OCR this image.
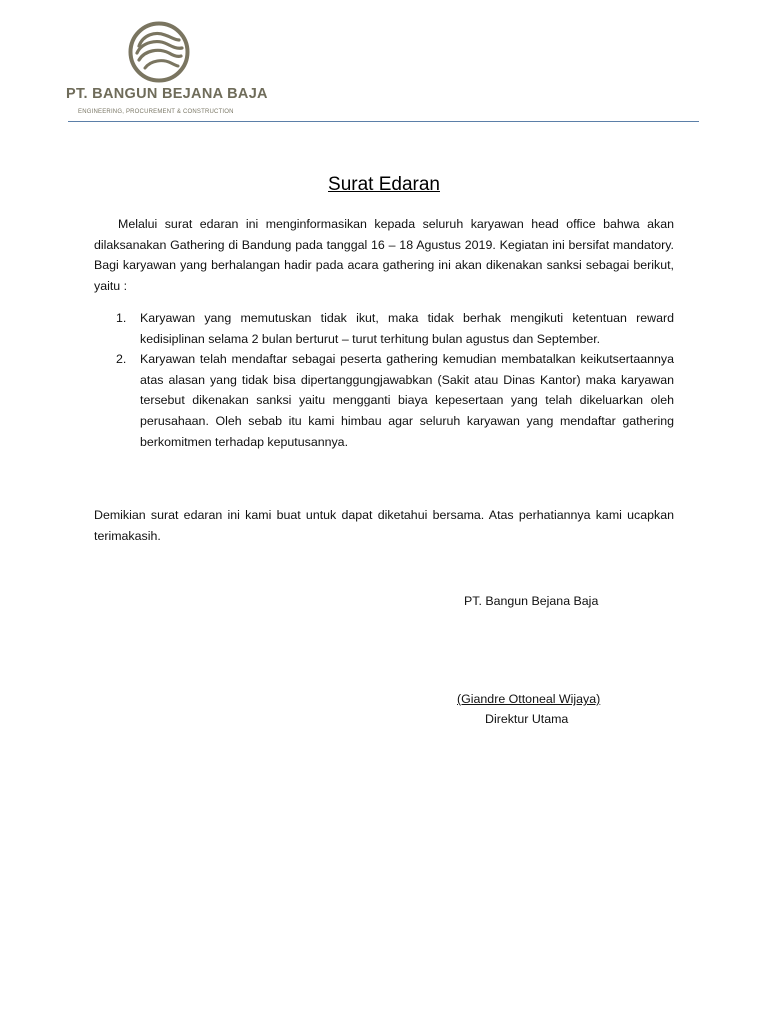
PT. BANGUN BEJANA BAJA
ENGINEERING, PROCUREMENT & CONSTRUCTION
Surat Edaran

Melalui surat edaran ini menginformasikan kepada seluruh karyawan head office bahwa akan dilaksanakan Gathering di Bandung pada tanggal 16 – 18 Agustus 2019. Kegiatan ini bersifat mandatory. Bagi karyawan yang berhalangan hadir pada acara gathering ini akan dikenakan sanksi sebagai berikut, yaitu :

1. Karyawan yang memutuskan tidak ikut, maka tidak berhak mengikuti ketentuan reward kedisiplinan selama 2 bulan berturut – turut terhitung bulan agustus dan September.
2. Karyawan telah mendaftar sebagai peserta gathering kemudian membatalkan keikutsertaannya atas alasan yang tidak bisa dipertanggungjawabkan (Sakit atau Dinas Kantor) maka karyawan tersebut dikenakan sanksi yaitu mengganti biaya kepesertaan yang telah dikeluarkan oleh perusahaan. Oleh sebab itu kami himbau agar seluruh karyawan yang mendaftar gathering berkomitmen terhadap keputusannya.

Demikian surat edaran ini kami buat untuk dapat diketahui bersama. Atas perhatiannya kami ucapkan terimakasih.

PT. Bangun Bejana Baja
(Giandre Ottoneal Wijaya)
Direktur Utama
